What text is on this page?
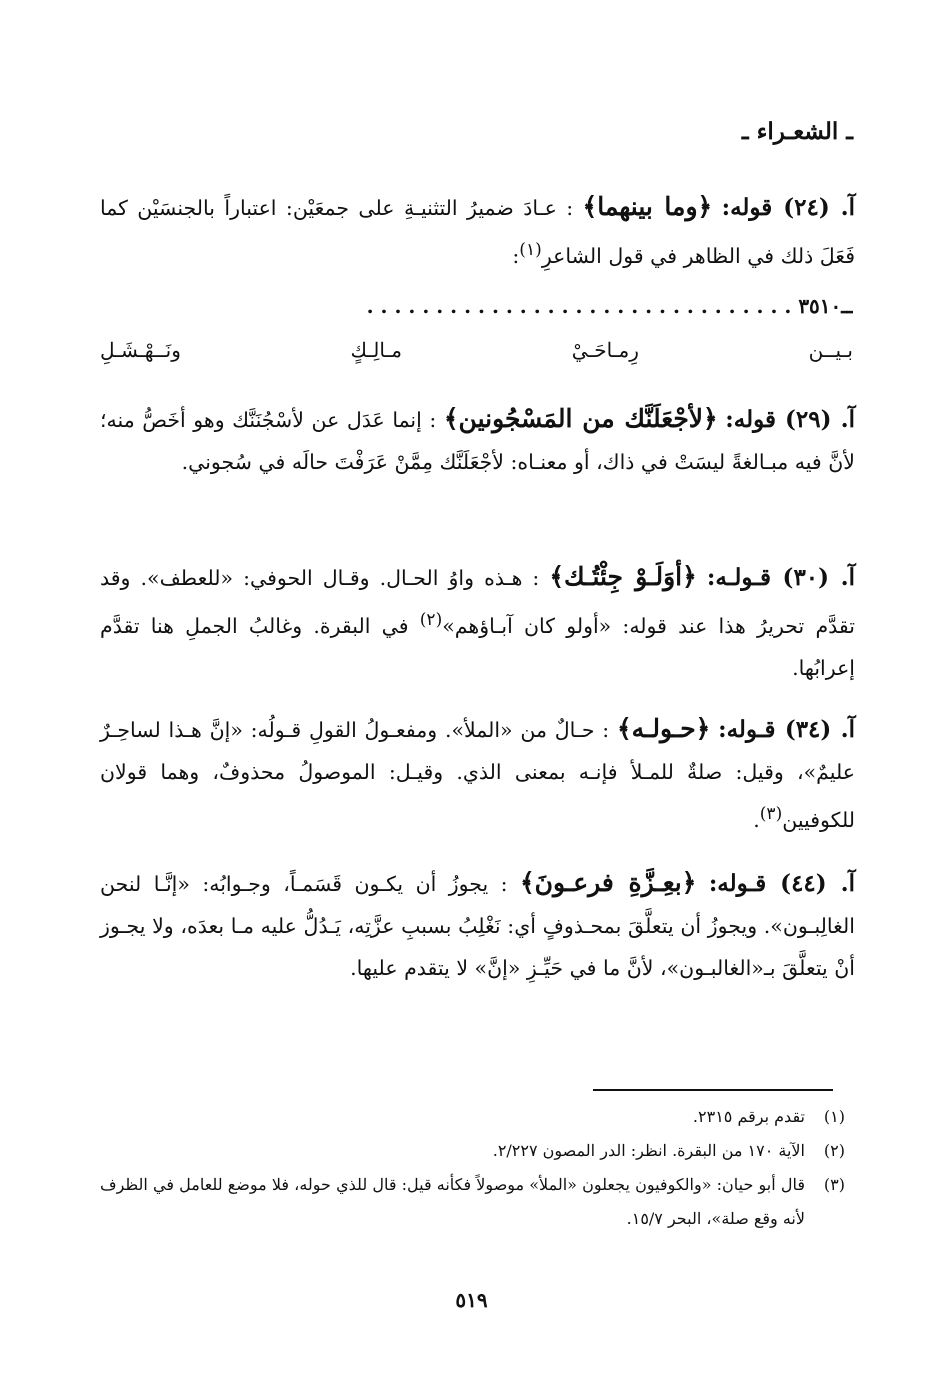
ـ الشعـراء ـ
آ. (٢٤) قوله: ﴿وما بينهما﴾ : عـادَ ضميرُ التثنيـةِ على جمعَيْن: اعتباراً بالجنسَيْن كما فَعَلَ ذلك في الظاهر في قول الشاعرِ$^{(١)}$:
ــ٣٥١٠ . . . . . . . . . . . . . . . . . . . . . . . . . . . . . . .
بـيــن رِمـاحَـيْ مـالِـكٍ ونَــهْـشَـلِ
آ. (٢٩) قوله: ﴿لأجْعَلَنَّك من المَسْجُونين﴾ : إنما عَدَل عن لأسْجُنَنَّك وهو أخَصُّ منه؛ لأنَّ فيه مبـالغةً ليسَتْ في ذاك، أو معنـاه: لأجْعَلَنَّك مِمَّنْ عَرَفْتَ حالَه في سُجوني.
آ. (٣٠) قـولـه: ﴿أوَلَـوْ جِئْتُـك﴾ : هـذه واوُ الحـال. وقـال الحوفي: «للعطف». وقد تقدَّم تحريرُ هذا عند قوله: «أولو كان آبـاؤهم»$^{(٢)}$ في البقرة. وغالبُ الجملِ هنا تقدَّم إعرابُها.
آ. (٣٤) قـوله: ﴿حـولـه﴾ : حـالٌ من «الملأ». ومفعـولُ القولِ قـولُه: «إنَّ هـذا لساحِـرٌ عليمٌ»، وقيل: صلةٌ للمـلأ فإنـه بمعنى الذي. وقيـل: الموصولُ محذوفٌ، وهما قولان للكوفيين$^{(٣)}$.
آ. (٤٤) قـوله: ﴿بعِـزَّةِ فرعـونَ﴾ : يجوزُ أن يكـون قَسَمـاً، وجـوابُه: «إنَّـا لنحن الغالِبـون». ويجوزُ أن يتعلَّقَ بمحـذوفٍ أي: نَغْلِبُ بسببِ عزَّتِه، يَـدُلُّ عليه مـا بعدَه، ولا يجـوز أنْ يتعلَّقَ بـ«الغالبـون»، لأنَّ ما في حَيِّـزِ «إنَّ» لا يتقدم عليها.
(١)
تقدم برقم ٢٣١٥.
(٢)
الآية ١٧٠ من البقرة. انظر: الدر المصون ٢/٢٢٧.
(٣)
قال أبو حيان: «والكوفيون يجعلون «الملأ» موصولاً فكأنه قيل: قال للذي حوله، فلا موضع للعامل في الظرف لأنه وقع صلة»، البحر ١٥/٧.
٥١٩
